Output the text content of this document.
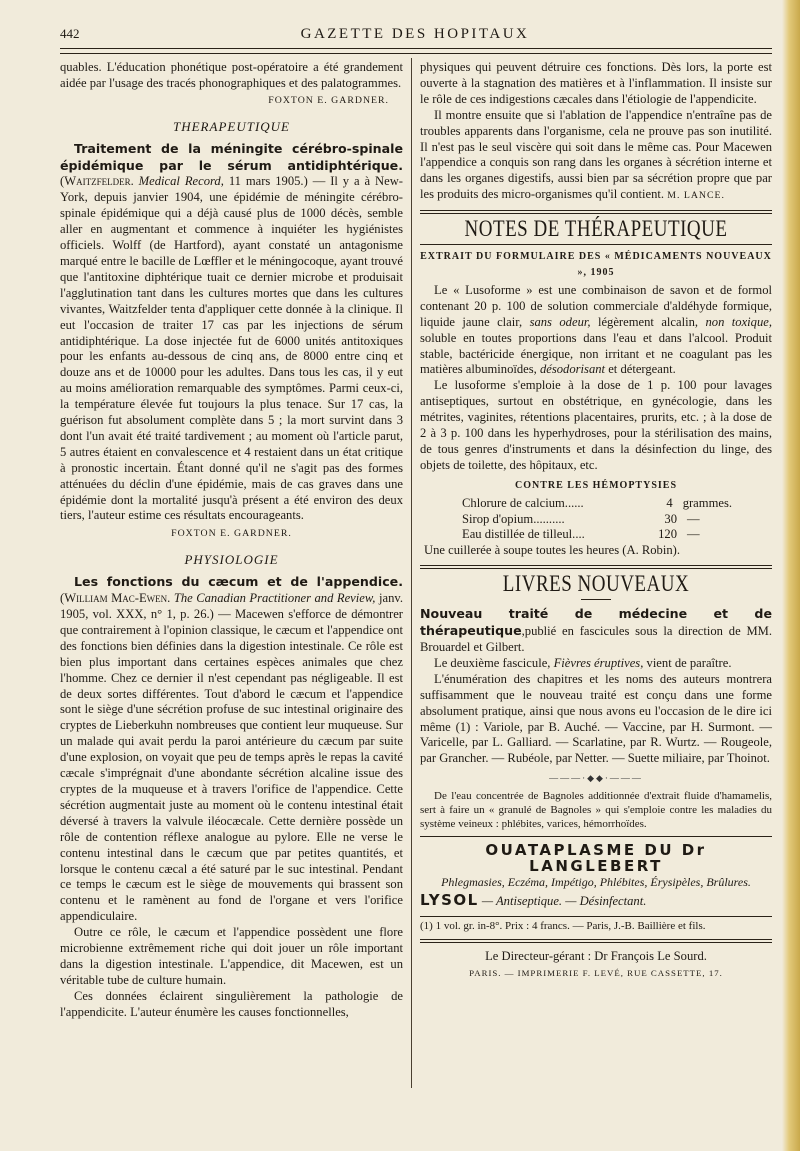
442	GAZETTE DES HOPITAUX

quables. L'éducation phonétique post-opératoire a été grandement aidée par l'usage des tracés phonographiques et des palatogrammes.

FOXTON E. GARDNER.
THERAPEUTIQUE

Traitement de la méningite cérébro-spinale épidémique par le sérum antidiphtérique. (Waitzfelder. Medical Record, 11 mars 1905.) — Il y a à New-York, depuis janvier 1904, une épidémie de méningite cérébro-spinale épidémique qui a déjà causé plus de 1000 décès, semble aller en augmentant et commence à inquiéter les hygiénistes officiels. Wolff (de Hartford), ayant constaté un antagonisme marqué entre le bacille de Lœffler et le méningocoque, ayant trouvé que l'antitoxine diphtérique tuait ce dernier microbe et produisait l'agglutination tant dans les cultures mortes que dans les cultures vivantes, Waitzfelder tenta d'appliquer cette donnée à la clinique. Il eut l'occasion de traiter 17 cas par les injections de sérum antidiphtérique. La dose injectée fut de 6000 unités antitoxiques pour les enfants au-dessous de cinq ans, de 8000 entre cinq et douze ans et de 10000 pour les adultes. Dans tous les cas, il y eut au moins amélioration remarquable des symptômes. Parmi ceux-ci, la température élevée fut toujours la plus tenace. Sur 17 cas, la guérison fut absolument complète dans 5 ; la mort survint dans 3 dont l'un avait été traité tardivement ; au moment où l'article parut, 5 autres étaient en convalescence et 4 restaient dans un état critique à pronostic incertain. Étant donné qu'il ne s'agit pas des formes atténuées du déclin d'une épidémie, mais de cas graves dans une épidémie dont la mortalité jusqu'à présent a été environ des deux tiers, l'auteur estime ces résultats encourageants.

FOXTON E. GARDNER.
PHYSIOLOGIE

Les fonctions du cæcum et de l'appendice. (William Mac-Ewen. The Canadian Practitioner and Review, janv. 1905, vol. XXX, n° 1, p. 26.) — Macewen s'efforce de démontrer que contrairement à l'opinion classique, le cæcum et l'appendice ont des fonctions bien définies dans la digestion intestinale. Ce rôle est bien plus important dans certaines espèces animales que chez l'homme. Chez ce dernier il n'est cependant pas négligeable. Il est de deux sortes différentes. Tout d'abord le cæcum et l'appendice sont le siège d'une sécrétion profuse de suc intestinal originaire des cryptes de Lieberkuhn nombreuses que contient leur muqueuse. Sur un malade qui avait perdu la paroi antérieure du cæcum par suite d'une explosion, on voyait que peu de temps après le repas la cavité cæcale s'imprégnait d'une abondante sécrétion alcaline issue des cryptes de la muqueuse et à travers l'orifice de l'appendice. Cette sécrétion augmentait juste au moment où le contenu intestinal était déversé à travers la valvule iléocæcale. Cette dernière possède un rôle de contention réflexe analogue au pylore. Elle ne verse le contenu intestinal dans le cæcum que par petites quantités, et lorsque le contenu cæcal a été saturé par le suc intestinal. Pendant ce temps le cæcum est le siège de mouvements qui brassent son contenu et le ramènent au fond de l'organe et vers l'orifice appendiculaire.

Outre ce rôle, le cæcum et l'appendice possèdent une flore microbienne extrêmement riche qui doit jouer un rôle important dans la digestion intestinale. L'appendice, dit Macewen, est un véritable tube de culture humain.

Ces données éclairent singulièrement la pathologie de l'appendicite. L'auteur énumère les causes fonctionnelles,

physiques qui peuvent détruire ces fonctions. Dès lors, la porte est ouverte à la stagnation des matières et à l'inflammation. Il insiste sur le rôle de ces indigestions cæcales dans l'étiologie de l'appendicite.

Il montre ensuite que si l'ablation de l'appendice n'entraîne pas de troubles apparents dans l'organisme, cela ne prouve pas son inutilité. Il n'est pas le seul viscère qui soit dans le même cas. Pour Macewen l'appendice a conquis son rang dans les organes à sécrétion interne et dans les organes digestifs, aussi bien par sa sécrétion propre que par les produits des micro-organismes qu'il contient. M. LANCE.

NOTES DE THÉRAPEUTIQUE
EXTRAIT DU FORMULAIRE DES « MÉDICAMENTS NOUVEAUX », 1905

Le « Lusoforme » est une combinaison de savon et de formol contenant 20 p. 100 de solution commerciale d'aldéhyde formique, liquide jaune clair, sans odeur, légèrement alcalin, non toxique, soluble en toutes proportions dans l'eau et dans l'alcool. Produit stable, bactéricide énergique, non irritant et ne coagulant pas les matières albuminoïdes, désodorisant et détergeant.

Le lusoforme s'emploie à la dose de 1 p. 100 pour lavages antiseptiques, surtout en obstétrique, en gynécologie, dans les métrites, vaginites, rétentions placentaires, prurits, etc. ; à la dose de 2 à 3 p. 100 dans les hyperhydroses, pour la stérilisation des mains, de tous genres d'instruments et dans la désinfection du linge, des objets de toilette, des hôpitaux, etc.

CONTRE LES HÉMOPTYSIES
Chlorure de calcium......	4 grammes.
Sirop d'opium..........	30 —
Eau distillée de tilleul....	120 —

Une cuillerée à soupe toutes les heures (A. Robin).

LIVRES NOUVEAUX

Nouveau traité de médecine et de thérapeutique,publié en fascicules sous la direction de MM. Brouardel et Gilbert.

Le deuxième fascicule, Fièvres éruptives, vient de paraître.

L'énumération des chapitres et les noms des auteurs montrera suffisamment que le nouveau traité est conçu dans une forme absolument pratique, ainsi que nous avons eu l'occasion de le dire ici même (1) : Variole, par B. Auché. — Vaccine, par H. Surmont. — Varicelle, par L. Galliard. — Scarlatine, par R. Wurtz. — Rougeole, par Grancher. — Rubéole, par Netter. — Suette miliaire, par Thoinot.

———·◆◆·———

De l'eau concentrée de Bagnoles additionnée d'extrait fluide d'hamamelis, sert à faire un « granulé de Bagnoles » qui s'emploie contre les maladies du système veineux : phlébites, varices, hémorrhoïdes.

OUATAPLASME DU Dr LANGLEBERT
Phlegmasies, Eczéma, Impétigo, Phlébites, Érysipèles, Brûlures.
LYSOL — Antiseptique. — Désinfectant.

(1) 1 vol. gr. in-8°. Prix : 4 francs. — Paris, J.-B. Baillière et fils.

Le Directeur-gérant : Dr François Le Sourd.
PARIS. — IMPRIMERIE F. LEVÉ, RUE CASSETTE, 17.
